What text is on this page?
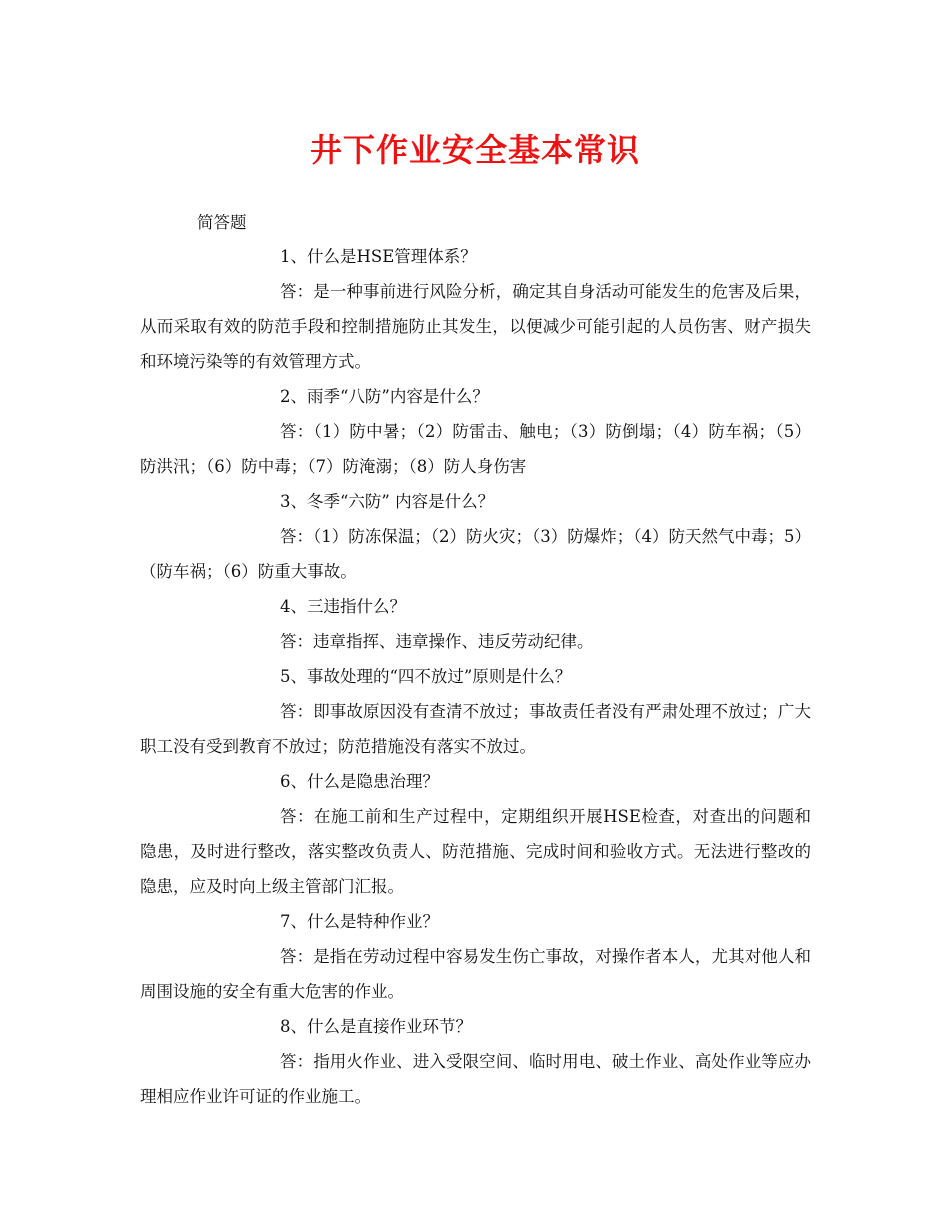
井下作业安全基本常识

简答题

1、什么是HSE管理体系？

答：是一种事前进行风险分析，确定其自身活动可能发生的危害及后果，从而采取有效的防范手段和控制措施防止其发生，以便减少可能引起的人员伤害、财产损失和环境污染等的有效管理方式。

2、雨季“八防”内容是什么？

答：（1）防中暑；（2）防雷击、触电；（3）防倒塌；（4）防车祸；（5）防洪汛；（6）防中毒；（7）防淹溺；（8）防人身伤害

3、冬季“六防” 内容是什么？

答：（1）防冻保温；（2）防火灾；（3）防爆炸；（4）防天然气中毒；5）（防车祸；（6）防重大事故。

4、三违指什么？

答：违章指挥、违章操作、违反劳动纪律。

5、事故处理的“四不放过”原则是什么？

答：即事故原因没有查清不放过；事故责任者没有严肃处理不放过；广大职工没有受到教育不放过；防范措施没有落实不放过。

6、什么是隐患治理？

答：在施工前和生产过程中，定期组织开展HSE检查，对查出的问题和隐患，及时进行整改，落实整改负责人、防范措施、完成时间和验收方式。无法进行整改的隐患，应及时向上级主管部门汇报。

7、什么是特种作业？

答：是指在劳动过程中容易发生伤亡事故，对操作者本人，尤其对他人和周围设施的安全有重大危害的作业。

8、什么是直接作业环节？

答：指用火作业、进入受限空间、临时用电、破土作业、高处作业等应办理相应作业许可证的作业施工。
